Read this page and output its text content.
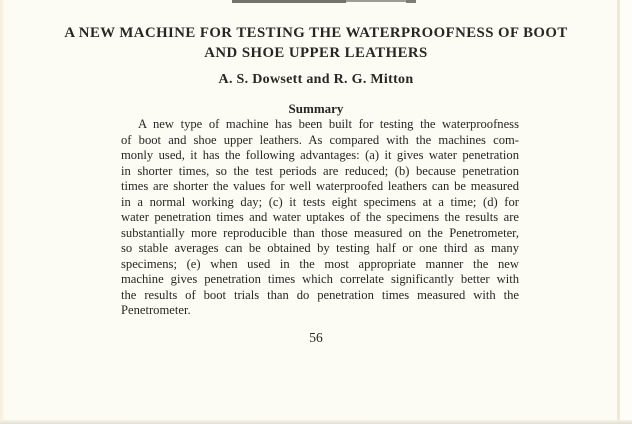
A NEW MACHINE FOR TESTING THE WATERPROOFNESS OF BOOT
AND SHOE UPPER LEATHERS
A. S. Dowsett and R. G. Mitton
Summary
A new type of machine has been built for testing the waterproofness
of boot and shoe upper leathers. As compared with the machines com-
monly used, it has the following advantages: (a) it gives water penetration
in shorter times, so the test periods are reduced; (b) because penetration
times are shorter the values for well waterproofed leathers can be measured
in a normal working day; (c) it tests eight specimens at a time; (d) for
water penetration times and water uptakes of the specimens the results are
substantially more reproducible than those measured on the Penetrometer,
so stable averages can be obtained by testing half or one third as many
specimens; (e) when used in the most appropriate manner the new
machine gives penetration times which correlate significantly better with
the results of boot trials than do penetration times measured with the
Penetrometer.
56
